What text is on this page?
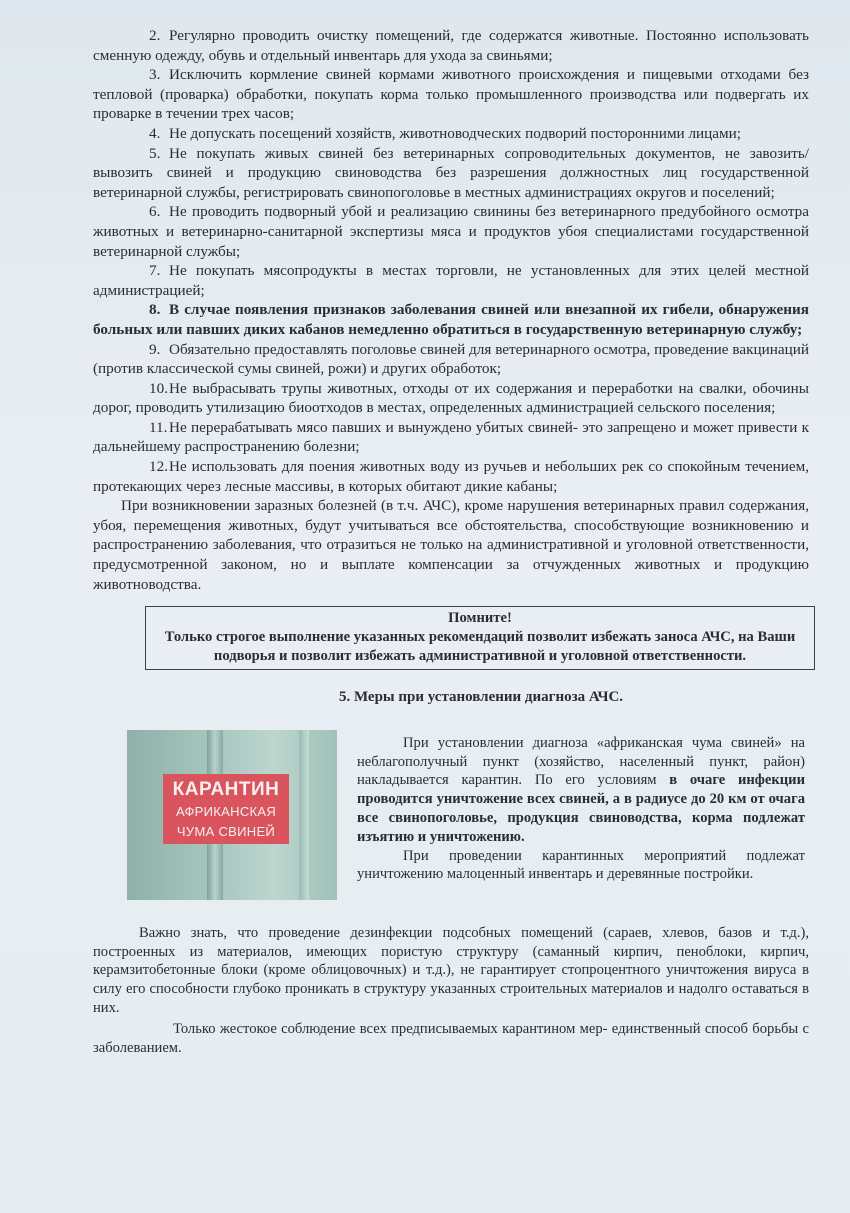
2. Регулярно проводить очистку помещений, где содержатся животные. Постоянно использовать сменную одежду, обувь и отдельный инвентарь для ухода за свиньями;

3. Исключить кормление свиней кормами животного происхождения и пищевыми отходами без тепловой (проварка) обработки, покупать корма только промышленного производства или подвергать их проварке в течении трех часов;

4. Не допускать посещений хозяйств, животноводческих подворий посторонними лицами;

5. Не покупать живых свиней без ветеринарных сопроводительных документов, не завозить/вывозить свиней и продукцию свиноводства без разрешения должностных лиц государственной ветеринарной службы, регистрировать свинопоголовье в местных администрациях округов и поселений;

6. Не проводить подворный убой и реализацию свинины без ветеринарного предубойного осмотра животных и ветеринарно-санитарной экспертизы мяса и продуктов убоя специалистами государственной ветеринарной службы;

7. Не покупать мясопродукты в местах торговли, не установленных для этих целей местной администрацией;

8. В случае появления признаков заболевания свиней или внезапной их гибели, обнаружения больных или павших диких кабанов немедленно обратиться в государственную ветеринарную службу;

9. Обязательно предоставлять поголовье свиней для ветеринарного осмотра, проведение вакцинаций (против классической сумы свиней, рожи) и других обработок;

10.Не выбрасывать трупы животных, отходы от их содержания и переработки на свалки, обочины дорог, проводить утилизацию биоотходов в местах, определенных администрацией сельского поселения;

11. Не перерабатывать мясо павших и вынуждено убитых свиней- это запрещено и может привести к дальнейшему распространению болезни;

12.Не использовать для поения животных воду из ручьев и небольших рек со спокойным течением, протекающих через лесные массивы, в которых обитают дикие кабаны;

При возникновении заразных болезней (в т.ч. АЧС), кроме нарушения ветеринарных правил содержания, убоя, перемещения животных, будут учитываться все обстоятельства, способствующие возникновению и распространению заболевания, что отразиться не только на административной и уголовной ответственности, предусмотренной законом, но и выплате компенсации за отчужденных животных и продукцию животноводства.

Помните!
Только строгое выполнение указанных рекомендаций позволит избежать заноса АЧС, на Ваши подворья и позволит избежать административной и уголовной ответственности.
5. Меры при установлении диагноза АЧС.
КАРАНТИН
АФРИКАНСКАЯ
ЧУМА СВИНЕЙ

При установлении диагноза «африканская чума свиней» на неблагополучный пункт (хозяйство, населенный пункт, район) накладывается карантин. По его условиям в очаге инфекции проводится уничтожение всех свиней, а в радиусе до 20 км от очага все свинопоголовье, продукция свиноводства, корма подлежат изъятию и уничтожению.

При проведении карантинных мероприятий подлежат уничтожению малоценный инвентарь и деревянные постройки.

Важно знать, что проведение дезинфекции подсобных помещений (сараев, хлевов, базов и т.д.), построенных из материалов, имеющих пористую структуру (саманный кирпич, пеноблоки, кирпич, керамзитобетонные блоки (кроме облицовочных) и т.д.), не гарантирует стопроцентного уничтожения вируса в силу его способности глубоко проникать в структуру указанных строительных материалов и надолго оставаться в них.

Только жестокое соблюдение всех предписываемых карантином мер- единственный способ борьбы с заболеванием.
